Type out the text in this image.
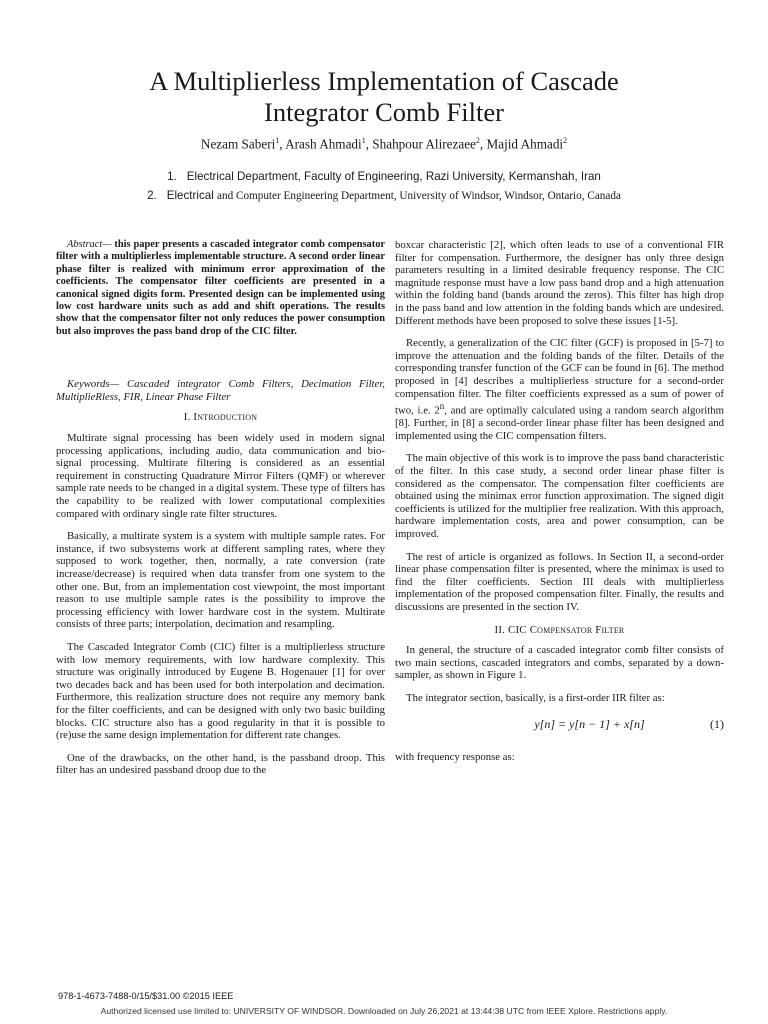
A Multiplierless Implementation of Cascade
Integrator Comb Filter
Nezam Saberi$^1$, Arash Ahmadi$^1$, Shahpour Alirezaee$^2$, Majid Ahmadi$^2$
1. Electrical Department, Faculty of Engineering, Razi University, Kermanshah, Iran
2. Electrical and Computer Engineering Department, University of Windsor, Windsor, Ontario, Canada

Abstract— this paper presents a cascaded integrator comb compensator filter with a multiplierless implementable structure. A second order linear phase filter is realized with minimum error approximation of the coefficients. The compensator filter coefficients are presented in a canonical signed digits form. Presented design can be implemented using low cost hardware units such as add and shift operations. The results show that the compensator filter not only reduces the power consumption but also improves the pass band drop of the CIC filter.

Keywords— Cascaded integrator Comb Filters, Decimation Filter, MultiplieRless, FIR, Linear Phase Filter

I. Introduction

Multirate signal processing has been widely used in modern signal processing applications, including audio, data communication and bio-signal processing. Multirate filtering is considered as an essential requirement in constructing Quadrature Mirror Filters (QMF) or wherever sample rate needs to be changed in a digital system. These type of filters has the capability to be realized with lower computational complexities compared with ordinary single rate filter structures.

Basically, a multirate system is a system with multiple sample rates. For instance, if two subsystems work at different sampling rates, where they supposed to work together, then, normally, a rate conversion (rate increase/decrease) is required when data transfer from one system to the other one. But, from an implementation cost viewpoint, the most important reason to use multiple sample rates is the possibility to improve the processing efficiency with lower hardware cost in the system. Multirate consists of three parts; interpolation, decimation and resampling.

The Cascaded Integrator Comb (CIC) filter is a multiplierless structure with low memory requirements, with low hardware complexity. This structure was originally introduced by Eugene B. Hogenauer [1] for over two decades back and has been used for both interpolation and decimation. Furthermore, this realization structure does not require any memory bank for the filter coefficients, and can be designed with only two basic building blocks. CIC structure also has a good regularity in that it is possible to (re)use the same design implementation for different rate changes.

One of the drawbacks, on the other hand, is the passband droop. This filter has an undesired passband droop due to the

boxcar characteristic [2], which often leads to use of a conventional FIR filter for compensation. Furthermore, the designer has only three design parameters resulting in a limited desirable frequency response. The CIC magnitude response must have a low pass band drop and a high attenuation within the folding band (bands around the zeros). This filter has high drop in the pass band and low attention in the folding bands which are undesired. Different methods have been proposed to solve these issues [1-5].

Recently, a generalization of the CIC filter (GCF) is proposed in [5-7] to improve the attenuation and the folding bands of the filter. Details of the corresponding transfer function of the GCF can be found in [6]. The method proposed in [4] describes a multiplierless structure for a second-order compensation filter. The filter coefficients expressed as a sum of power of two, i.e. 2$^n$, and are optimally calculated using a random search algorithm [8]. Further, in [8] a second-order linear phase filter has been designed and implemented using the CIC compensation filters.

The main objective of this work is to improve the pass band characteristic of the filter. In this case study, a second order linear phase filter is considered as the compensator. The compensation filter coefficients are obtained using the minimax error function approximation. The signed digit coefficients is utilized for the multiplier free realization. With this approach, hardware implementation costs, area and power consumption, can be improved.

The rest of article is organized as follows. In Section II, a second-order linear phase compensation filter is presented, where the minimax is used to find the filter coefficients. Section III deals with multiplierless implementation of the proposed compensation filter. Finally, the results and discussions are presented in the section IV.

II. CIC Compensator Filter

In general, the structure of a cascaded integrator comb filter consists of two main sections, cascaded integrators and combs, separated by a down-sampler, as shown in Figure 1.

The integrator section, basically, is a first-order IIR filter as:

y[n] = y[n − 1] + x[n]	(1)

with frequency response as:

978-1-4673-7488-0/15/$31.00 ©2015 IEEE
Authorized licensed use limited to: UNIVERSITY OF WINDSOR. Downloaded on July 26,2021 at 13:44:38 UTC from IEEE Xplore. Restrictions apply.
